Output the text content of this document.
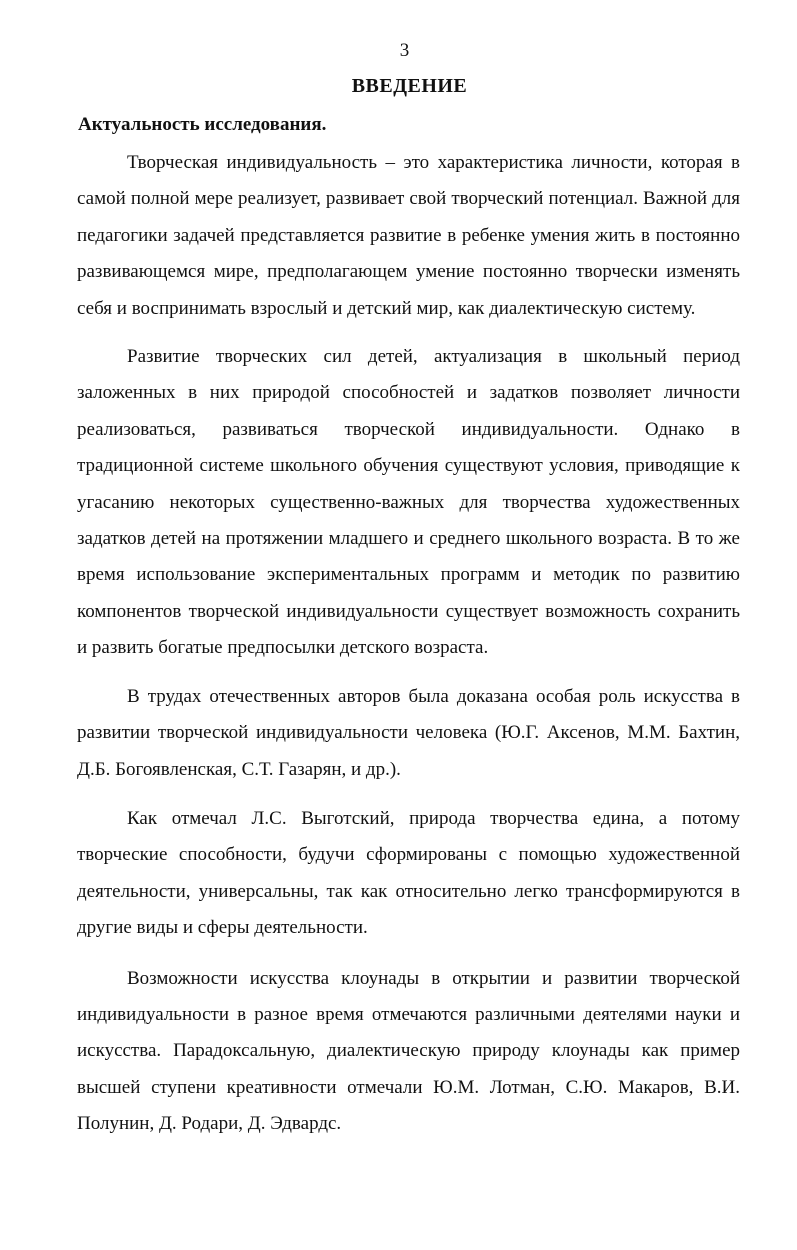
3
ВВЕДЕНИЕ
Актуальность исследования.

Творческая индивидуальность – это характеристика личности, которая в самой полной мере реализует, развивает свой творческий потенциал. Важной для педагогики задачей представляется развитие в ребенке умения жить в постоянно развивающемся мире, предполагающем умение постоянно творчески изменять себя и воспринимать взрослый и детский мир, как диалектическую систему.

Развитие творческих сил детей, актуализация в школьный период заложенных в них природой способностей и задатков позволяет личности реализоваться, развиваться творческой индивидуальности. Однако в традиционной системе школьного обучения существуют условия, приводящие к угасанию некоторых существенно-важных для творчества художественных задатков детей на протяжении младшего и среднего школьного возраста. В то же время использование экспериментальных программ и методик по развитию компонентов творческой индивидуальности существует возможность сохранить и развить богатые предпосылки детского возраста.

В трудах отечественных авторов была доказана особая роль искусства в развитии творческой индивидуальности человека (Ю.Г. Аксенов, М.М. Бахтин, Д.Б. Богоявленская, С.Т. Газарян, и др.).

Как отмечал Л.С. Выготский, природа творчества едина, а потому творческие способности, будучи сформированы с помощью художественной деятельности, универсальны, так как относительно легко трансформируются в другие виды и сферы деятельности.

Возможности искусства клоунады в открытии и развитии творческой индивидуальности в разное время отмечаются различными деятелями науки и искусства. Парадоксальную, диалектическую природу клоунады как пример высшей ступени креативности отмечали Ю.М. Лотман, С.Ю. Макаров, В.И. Полунин, Д. Родари, Д. Эдвардс.
